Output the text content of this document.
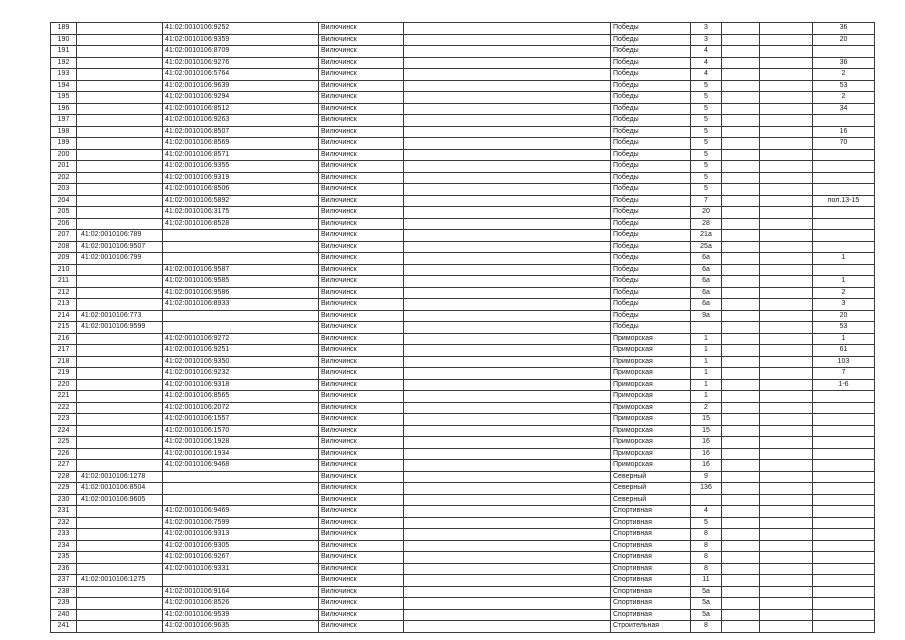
189		41:02:0010106:9252	Вилючинск		Победы	3			36
190		41:02:0010106:9359	Вилючинск		Победы	3			20
191		41:02:0010106:8709	Вилючинск		Победы	4			
192		41:02:0010106:9276	Вилючинск		Победы	4			36
193		41:02:0010106:5764	Вилючинск		Победы	4			2
194		41:02:0010106:9639	Вилючинск		Победы	5			53
195		41:02:0010106:9294	Вилючинск		Победы	5			2
196		41:02:0010106:8512	Вилючинск		Победы	5			34
197		41:02:0010106:9263	Вилючинск		Победы	5			
198		41:02:0010106:8507	Вилючинск		Победы	5			16
199		41:02:0010106:8569	Вилючинск		Победы	5			70
200		41:02:0010106:8571	Вилючинск		Победы	5			
201		41:02:0010106:9355	Вилючинск		Победы	5			
202		41:02:0010106:9319	Вилючинск		Победы	5			
203		41:02:0010106:8506	Вилючинск		Победы	5			
204		41:02:0010106:5892	Вилючинск		Победы	7			пол.13-15
205		41:02:0010106:3175	Вилючинск		Победы	20			
206		41:02:0010106:8528	Вилючинск		Победы	28			
207	41:02:0010106:789		Вилючинск		Победы	21а			
208	41:02:0010106:9507		Вилючинск		Победы	25а			
209	41:02:0010106:799		Вилючинск		Победы	6а			1
210		41:02:0010106:9587	Вилючинск		Победы	6а			
211		41:02:0010106:9585	Вилючинск		Победы	6а			1
212		41:02:0010106:9586	Вилючинск		Победы	6а			2
213		41:02:0010106:8933	Вилючинск		Победы	6а			3
214	41:02:0010106:773		Вилючинск		Победы	9а			20
215	41:02:0010106:9599		Вилючинск		Победы				53
216		41:02:0010106:9272	Вилючинск		Приморская	1			1
217		41:02:0010106:9251	Вилючинск		Приморская	1			61
218		41:02:0010106:9350	Вилючинск		Приморская	1			103
219		41:02:0010106:9232	Вилючинск		Приморская	1			7
220		41:02:0010106:9318	Вилючинск		Приморская	1			1-6
221		41:02:0010106:8565	Вилючинск		Приморская	1			
222		41:02:0010106:2072	Вилючинск		Приморская	2			
223		41:02:0010106:1557	Вилючинск		Приморская	15			
224		41:02:0010106:1570	Вилючинск		Приморская	15			
225		41:02:0010106:1928	Вилючинск		Приморская	16			
226		41:02:0010106:1934	Вилючинск		Приморская	16			
227		41:02:0010106:9468	Вилючинск		Приморская	16			
228	41:02:0010106:1278		Вилючинск		Северный	9			
229	41:02:0010106:8504		Вилючинск		Северный	136			
230	41:02:0010106:9605		Вилючинск		Северный				
231		41:02:0010106:9469	Вилючинск		Спортивная	4			
232		41:02:0010106:7599	Вилючинск		Спортивная	5			
233		41:02:0010106:9313	Вилючинск		Спортивная	8			
234		41:02:0010106:9305	Вилючинск		Спортивная	8			
235		41:02:0010106:9267	Вилючинск		Спортивная	8			
236		41:02:0010106:9331	Вилючинск		Спортивная	8			
237	41:02:0010106:1275		Вилючинск		Спортивная	11			
238		41:02:0010106:9164	Вилючинск		Спортивная	5а			
239		41:02:0010106:8526	Вилючинск		Спортивная	5а			
240		41:02:0010106:9539	Вилючинск		Спортивная	5а			
241		41:02:0010106:9635	Вилючинск		Строительная	8			
